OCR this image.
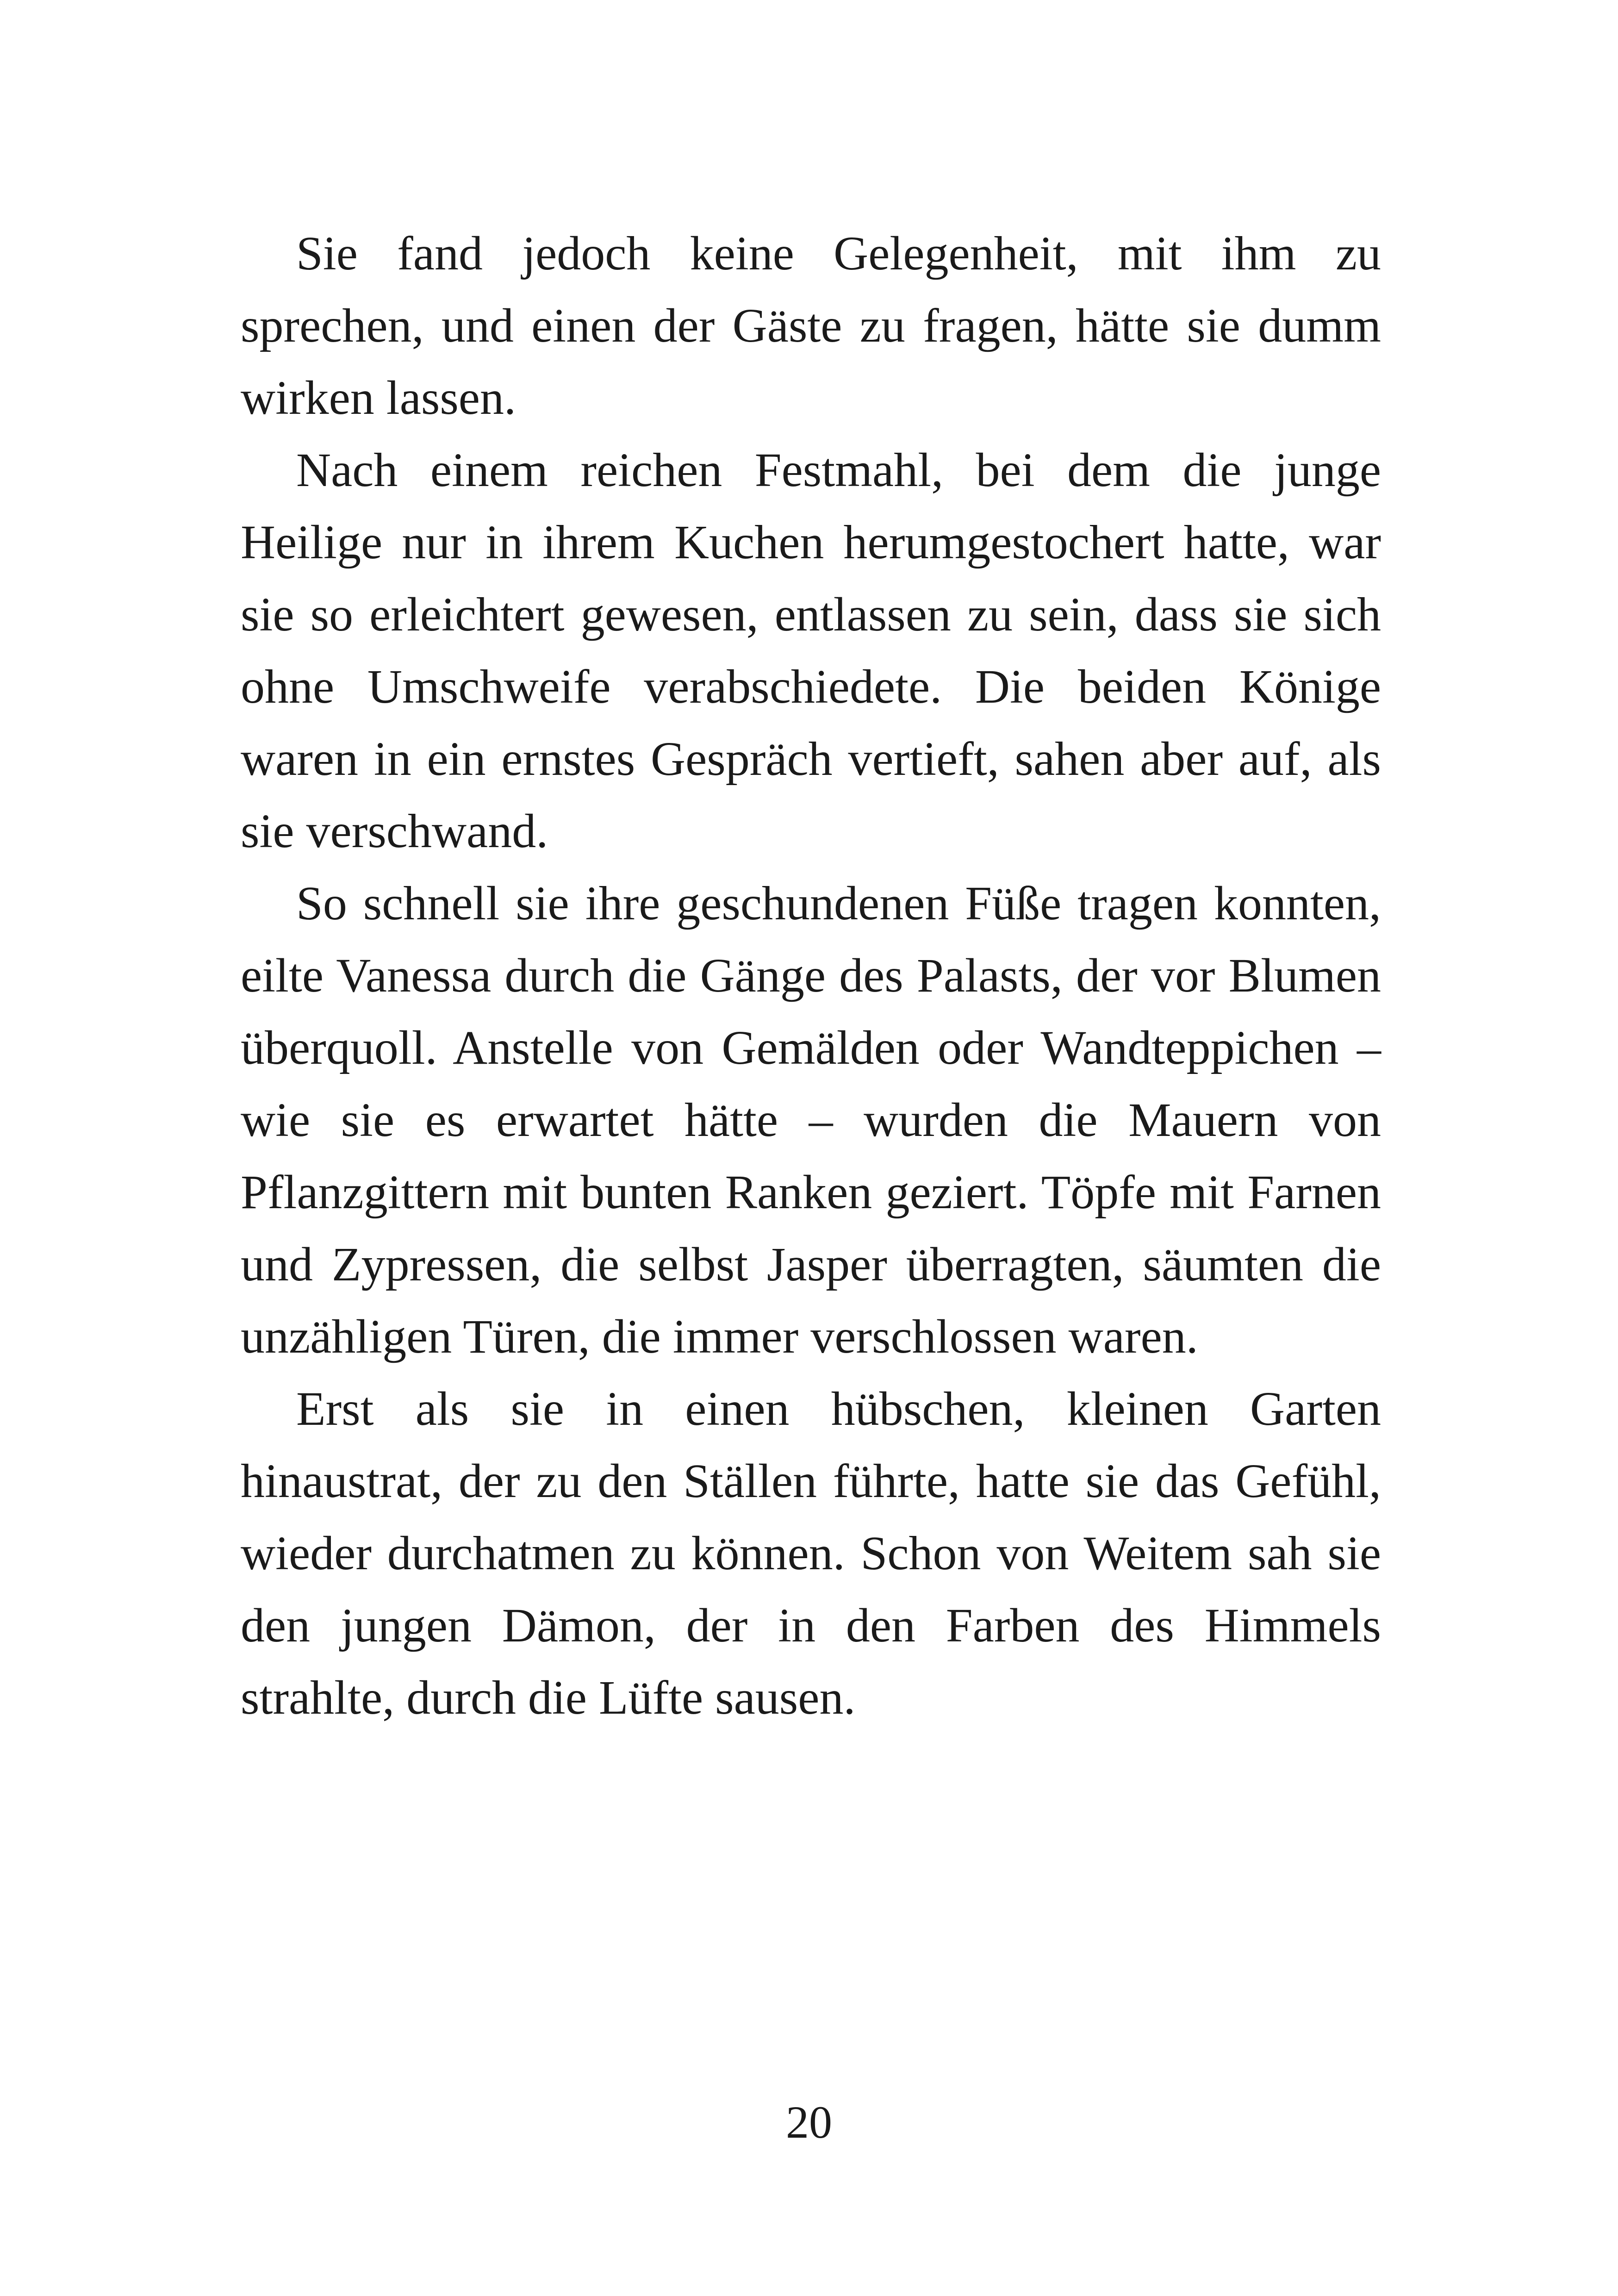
Sie fand jedoch keine Gelegenheit, mit ihm zu sprechen, und einen der Gäste zu fragen, hätte sie dumm wirken lassen.

Nach einem reichen Festmahl, bei dem die junge Heilige nur in ihrem Kuchen herumgestochert hatte, war sie so erleichtert gewesen, entlassen zu sein, dass sie sich ohne Umschweife verabschiedete. Die beiden Könige waren in ein ernstes Gespräch vertieft, sahen aber auf, als sie verschwand.

So schnell sie ihre geschundenen Füße tragen konnten, eilte Vanessa durch die Gänge des Palasts, der vor Blumen überquoll. Anstelle von Gemälden oder Wandteppichen – wie sie es erwartet hätte – wurden die Mauern von Pflanzgittern mit bunten Ranken geziert. Töpfe mit Farnen und Zypressen, die selbst Jasper überragten, säumten die unzähligen Türen, die immer verschlossen waren.

Erst als sie in einen hübschen, kleinen Garten hinaustrat, der zu den Ställen führte, hatte sie das Gefühl, wieder durchatmen zu können. Schon von Weitem sah sie den jungen Dämon, der in den Farben des Himmels strahlte, durch die Lüfte sausen.

20
